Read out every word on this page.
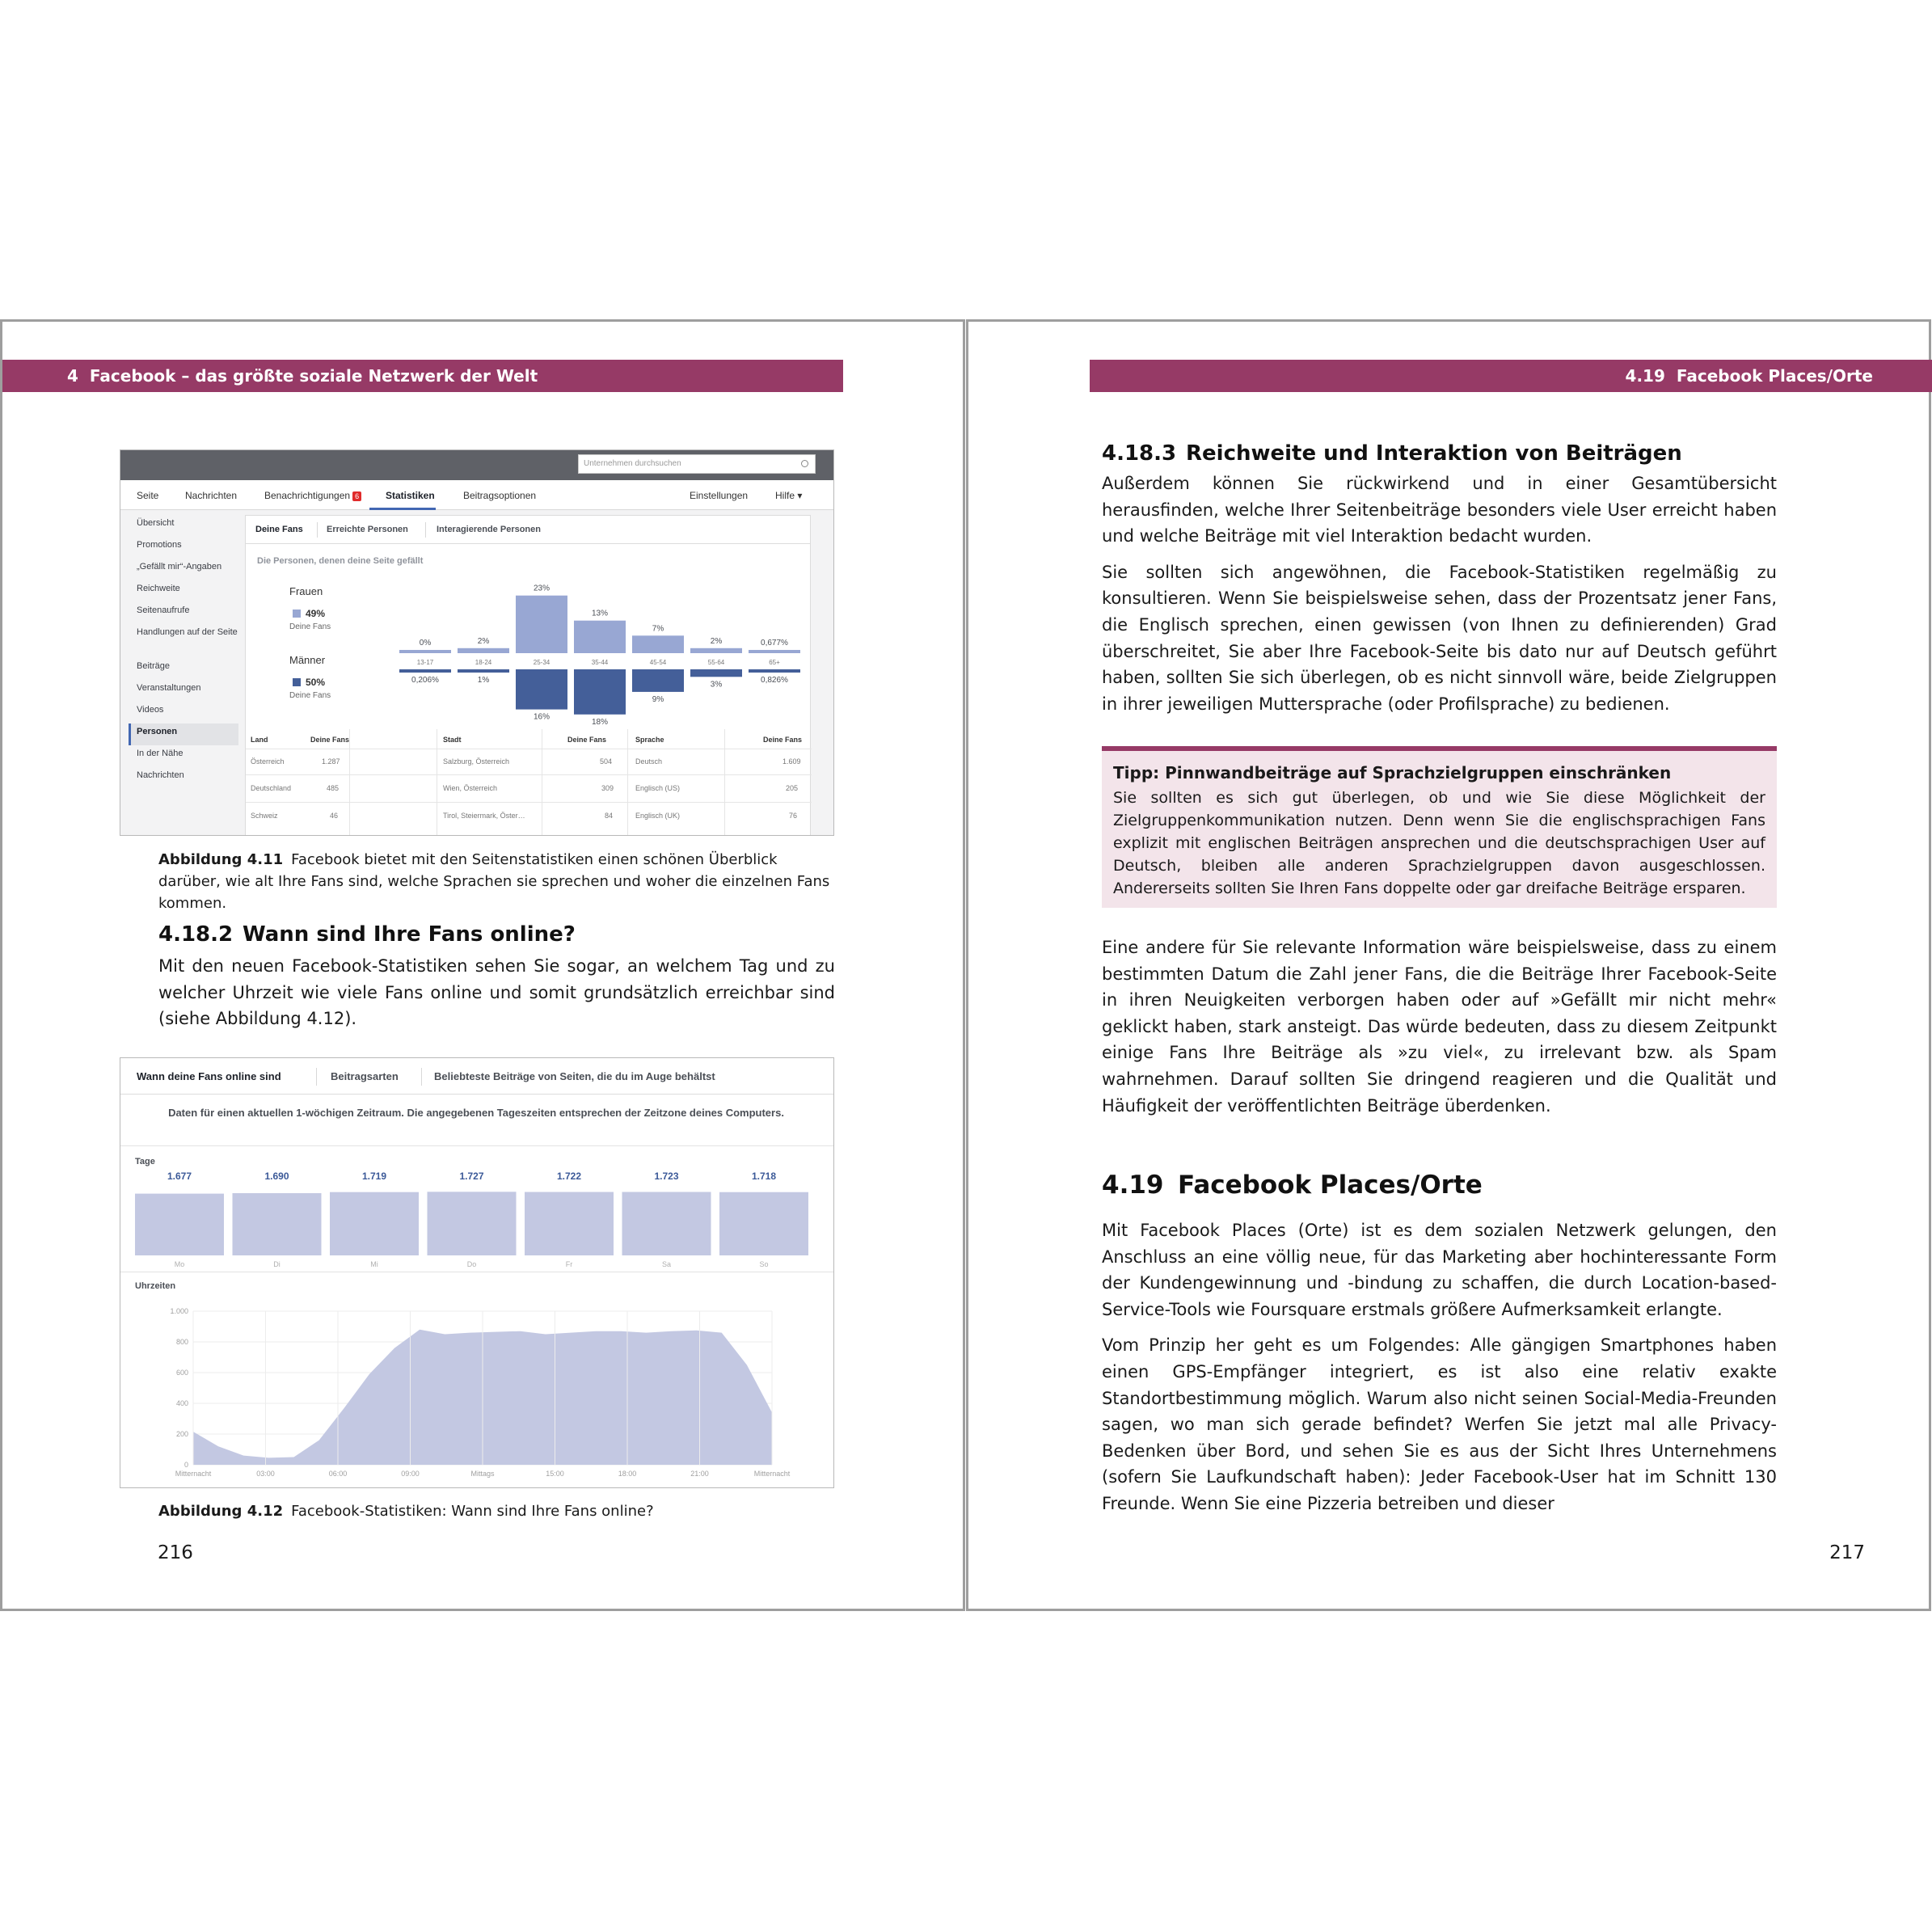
4 Facebook – das größte soziale Netzwerk der Welt
Unternehmen durchsuchen
Seite	Nachrichten	Benachrichtigungen 6	Statistiken	Beitragsoptionen	Einstellungen	Hilfe ▾
Übersicht
Promotions
„Gefällt mir“-Angaben
Reichweite
Seitenaufrufe
Handlungen auf der Seite
Beiträge
Veranstaltungen
Videos
Personen
In der Nähe
Nachrichten
Deine Fans	Erreichte Personen	Interagierende Personen
Die Personen, denen deine Seite gefällt
Frauen
49%
Deine Fans
Männer
50%
Deine Fans
0%
13-17
0,206%
2%
18-24
1%
23%
25-34
16%
13%
35-44
18%
7%
45-54
9%
2%
55-64
3%
0,677%
65+
0,826%
Land	Deine Fans	Stadt	Deine Fans	Sprache	Deine Fans
Österreich	1.287	Salzburg, Österreich	504	Deutsch	1.609
Deutschland	485	Wien, Österreich	309	Englisch (US)	205
Schweiz	46	Tirol, Steiermark, Öster…	84	Englisch (UK)	76
Abbildung 4.11 Facebook bietet mit den Seitenstatistiken einen schönen Überblick darüber, wie alt Ihre Fans sind, welche Sprachen sie sprechen und woher die einzelnen Fans kommen.
4.18.2 Wann sind Ihre Fans online?

Mit den neuen Facebook-Statistiken sehen Sie sogar, an welchem Tag und zu welcher Uhrzeit wie viele Fans online und somit grundsätzlich erreichbar sind (siehe Abbildung 4.12).

Wann deine Fans online sind	Beitragsarten	Beliebteste Beiträge von Seiten, die du im Auge behältst
Daten für einen aktuellen 1-wöchigen Zeitraum. Die angegebenen Tageszeiten entsprechen der Zeitzone deines Computers.
Tage
Uhrzeiten
1.677
Mo
1.690
Di
1.719
Mi
1.727
Do
1.722
Fr
1.723
Sa
1.718
So
0
200
400
600
800
1.000
Mitternacht	03:00	06:00	09:00	Mittags	15:00	18:00	21:00	Mitternacht
Abbildung 4.12 Facebook-Statistiken: Wann sind Ihre Fans online?
216
4.19 Facebook Places/Orte
4.18.3 Reichweite und Interaktion von Beiträgen

Außerdem können Sie rückwirkend und in einer Gesamtübersicht herausfinden, welche Ihrer Seitenbeiträge besonders viele User erreicht haben und welche Beiträge mit viel Interaktion bedacht wurden.

Sie sollten sich angewöhnen, die Facebook-Statistiken regelmäßig zu konsultieren. Wenn Sie beispielsweise sehen, dass der Prozentsatz jener Fans, die Englisch sprechen, einen gewissen (von Ihnen zu definierenden) Grad überschreitet, Sie aber Ihre Facebook-Seite bis dato nur auf Deutsch geführt haben, sollten Sie sich überlegen, ob es nicht sinnvoll wäre, beide Zielgruppen in ihrer jeweiligen Muttersprache (oder Profilsprache) zu bedienen.

Tipp: Pinnwandbeiträge auf Sprachzielgruppen einschränken
Sie sollten es sich gut überlegen, ob und wie Sie diese Möglichkeit der Zielgruppenkommunikation nutzen. Denn wenn Sie die englischsprachigen Fans explizit mit englischen Beiträgen ansprechen und die deutschsprachigen User auf Deutsch, bleiben alle anderen Sprachzielgruppen davon ausgeschlossen. Andererseits sollten Sie Ihren Fans doppelte oder gar dreifache Beiträge ersparen.

Eine andere für Sie relevante Information wäre beispielsweise, dass zu einem bestimmten Datum die Zahl jener Fans, die die Beiträge Ihrer Facebook-Seite in ihren Neuigkeiten verborgen haben oder auf »Gefällt mir nicht mehr« geklickt haben, stark ansteigt. Das würde bedeuten, dass zu diesem Zeitpunkt einige Fans Ihre Beiträge als »zu viel«, zu irrelevant bzw. als Spam wahrnehmen. Darauf sollten Sie dringend reagieren und die Qualität und Häufigkeit der veröffentlichten Beiträge überdenken.

4.19 Facebook Places/Orte

Mit Facebook Places (Orte) ist es dem sozialen Netzwerk gelungen, den Anschluss an eine völlig neue, für das Marketing aber hochinteressante Form der Kundengewinnung und -bindung zu schaffen, die durch Location-based-Service-Tools wie Foursquare erstmals größere Aufmerksamkeit erlangte.

Vom Prinzip her geht es um Folgendes: Alle gängigen Smartphones haben einen GPS-Empfänger integriert, es ist also eine relativ exakte Standortbestimmung möglich. Warum also nicht seinen Social-Media-Freunden sagen, wo man sich gerade befindet? Werfen Sie jetzt mal alle Privacy-Bedenken über Bord, und sehen Sie es aus der Sicht Ihres Unternehmens (sofern Sie Laufkundschaft haben): Jeder Facebook-User hat im Schnitt 130 Freunde. Wenn Sie eine Pizzeria betreiben und dieser

217
